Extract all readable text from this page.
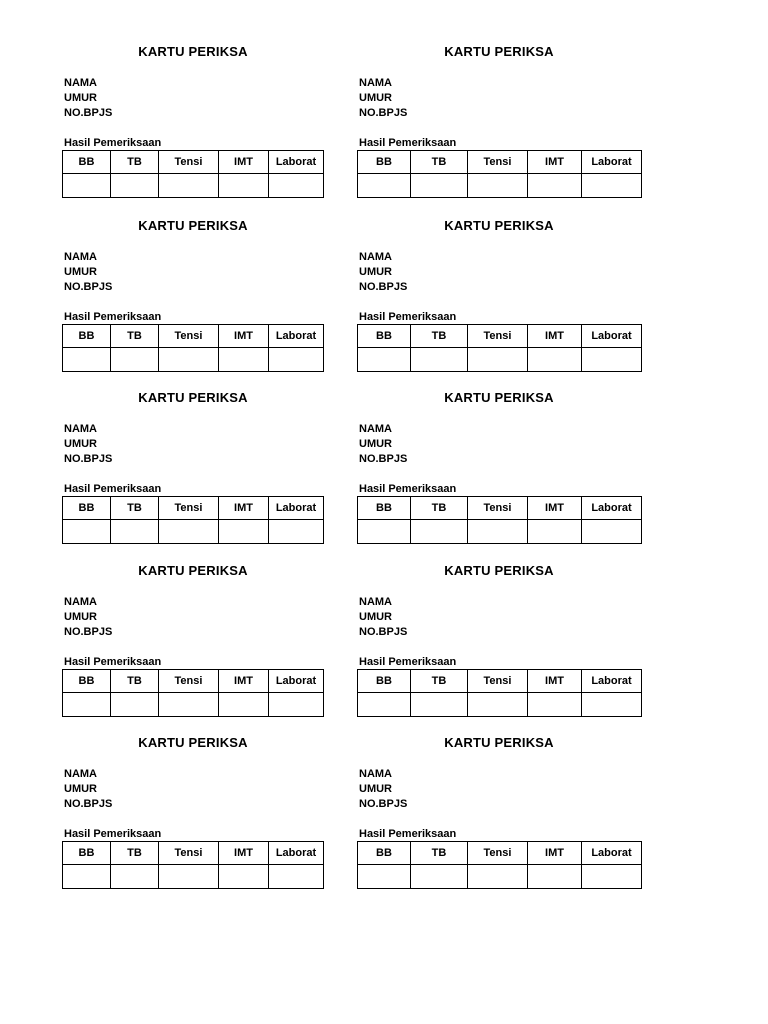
KARTU PERIKSA
NAMA
UMUR
NO.BPJS
Hasil Pemeriksaan
BB	TB	Tensi	IMT	Laborat

KARTU PERIKSA
NAMA
UMUR
NO.BPJS
Hasil Pemeriksaan
BB	TB	Tensi	IMT	Laborat

KARTU PERIKSA
NAMA
UMUR
NO.BPJS
Hasil Pemeriksaan
BB	TB	Tensi	IMT	Laborat

KARTU PERIKSA
NAMA
UMUR
NO.BPJS
Hasil Pemeriksaan
BB	TB	Tensi	IMT	Laborat

KARTU PERIKSA
NAMA
UMUR
NO.BPJS
Hasil Pemeriksaan
BB	TB	Tensi	IMT	Laborat

KARTU PERIKSA
NAMA
UMUR
NO.BPJS
Hasil Pemeriksaan
BB	TB	Tensi	IMT	Laborat

KARTU PERIKSA
NAMA
UMUR
NO.BPJS
Hasil Pemeriksaan
BB	TB	Tensi	IMT	Laborat

KARTU PERIKSA
NAMA
UMUR
NO.BPJS
Hasil Pemeriksaan
BB	TB	Tensi	IMT	Laborat

KARTU PERIKSA
NAMA
UMUR
NO.BPJS
Hasil Pemeriksaan
BB	TB	Tensi	IMT	Laborat

KARTU PERIKSA
NAMA
UMUR
NO.BPJS
Hasil Pemeriksaan
BB	TB	Tensi	IMT	Laborat
